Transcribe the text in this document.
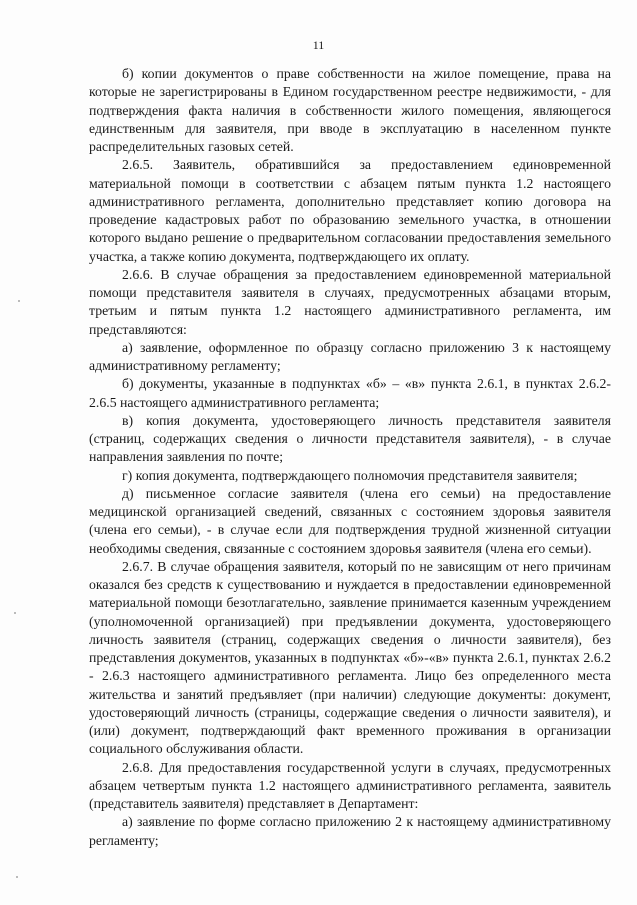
11

б) копии документов о праве собственности на жилое помещение, права на которые не зарегистрированы в Едином государственном реестре недвижимости, - для подтверждения факта наличия в собственности жилого помещения, являющегося единственным для заявителя, при вводе в эксплуатацию в населенном пункте распределительных газовых сетей.

2.6.5. Заявитель, обратившийся за предоставлением единовременной материальной помощи в соответствии с абзацем пятым пункта 1.2 настоящего административного регламента, дополнительно представляет копию договора на проведение кадастровых работ по образованию земельного участка, в отношении которого выдано решение о предварительном согласовании предоставления земельного участка, а также копию документа, подтверждающего их оплату.

2.6.6. В случае обращения за предоставлением единовременной материальной помощи представителя заявителя в случаях, предусмотренных абзацами вторым, третьим и пятым пункта 1.2 настоящего административного регламента, им представляются:

а) заявление, оформленное по образцу согласно приложению 3 к настоящему административному регламенту;

б) документы, указанные в подпунктах «б» – «в» пункта 2.6.1, в пунктах 2.6.2-2.6.5 настоящего административного регламента;

в) копия документа, удостоверяющего личность представителя заявителя (страниц, содержащих сведения о личности представителя заявителя), - в случае направления заявления по почте;

г) копия документа, подтверждающего полномочия представителя заявителя;

д) письменное согласие заявителя (члена его семьи) на предоставление медицинской организацией сведений, связанных с состоянием здоровья заявителя (члена его семьи), - в случае если для подтверждения трудной жизненной ситуации необходимы сведения, связанные с состоянием здоровья заявителя (члена его семьи).

2.6.7. В случае обращения заявителя, который по не зависящим от него причинам оказался без средств к существованию и нуждается в предоставлении единовременной материальной помощи безотлагательно, заявление принимается казенным учреждением (уполномоченной организацией) при предъявлении документа, удостоверяющего личность заявителя (страниц, содержащих сведения о личности заявителя), без представления документов, указанных в подпунктах «б»-«в» пункта 2.6.1, пунктах 2.6.2 - 2.6.3 настоящего административного регламента. Лицо без определенного места жительства и занятий предъявляет (при наличии) следующие документы: документ, удостоверяющий личность (страницы, содержащие сведения о личности заявителя), и (или) документ, подтверждающий факт временного проживания в организации социального обслуживания области.

2.6.8. Для предоставления государственной услуги в случаях, предусмотренных абзацем четвертым пункта 1.2 настоящего административного регламента, заявитель (представитель заявителя) представляет в Департамент:

а) заявление по форме согласно приложению 2 к настоящему административному регламенту;
